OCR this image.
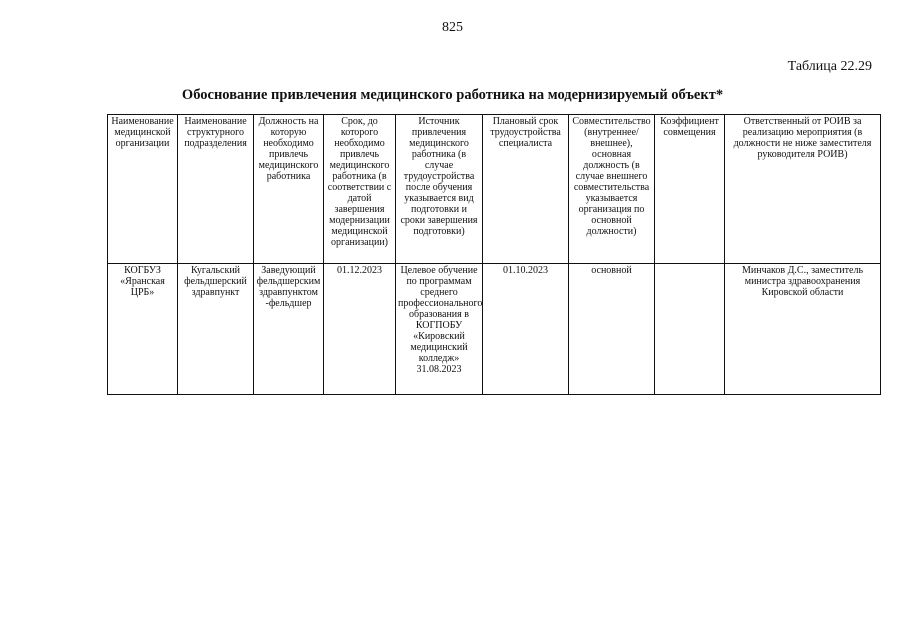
825
Таблица 22.29
Обоснование привлечения медицинского работника на модернизируемый объект*
Наименование медицинской организации	Наименование структурного подразделения	Должность на которую необходимо привлечь медицинского работника	Срок, до которого необходимо привлечь медицинского работника (в соответствии с датой завершения модернизации медицинской организации)	Источник привлечения медицинского работника (в случае трудоустройства после обучения указывается вид подготовки и сроки завершения подготовки)	Плановый срок трудоустройства специалиста	Совместительство (внутреннее/внешнее), основная должность (в случае внешнего совместительства указывается организация по основной должности)	Коэффициент совмещения	Ответственный от РОИВ за реализацию мероприятия (в должности не ниже заместителя руководителя РОИВ)
КОГБУЗ «Яранская ЦРБ»	Кугальский фельдшерский здравпункт	Заведующий фельдшерским здравпунктом -фельдшер	01.12.2023	Целевое обучение по программам среднего профессионального образования в КОГПОБУ «Кировский медицинский колледж» 31.08.2023	01.10.2023	основной		Минчаков Д.С., заместитель министра здравоохранения Кировской области
